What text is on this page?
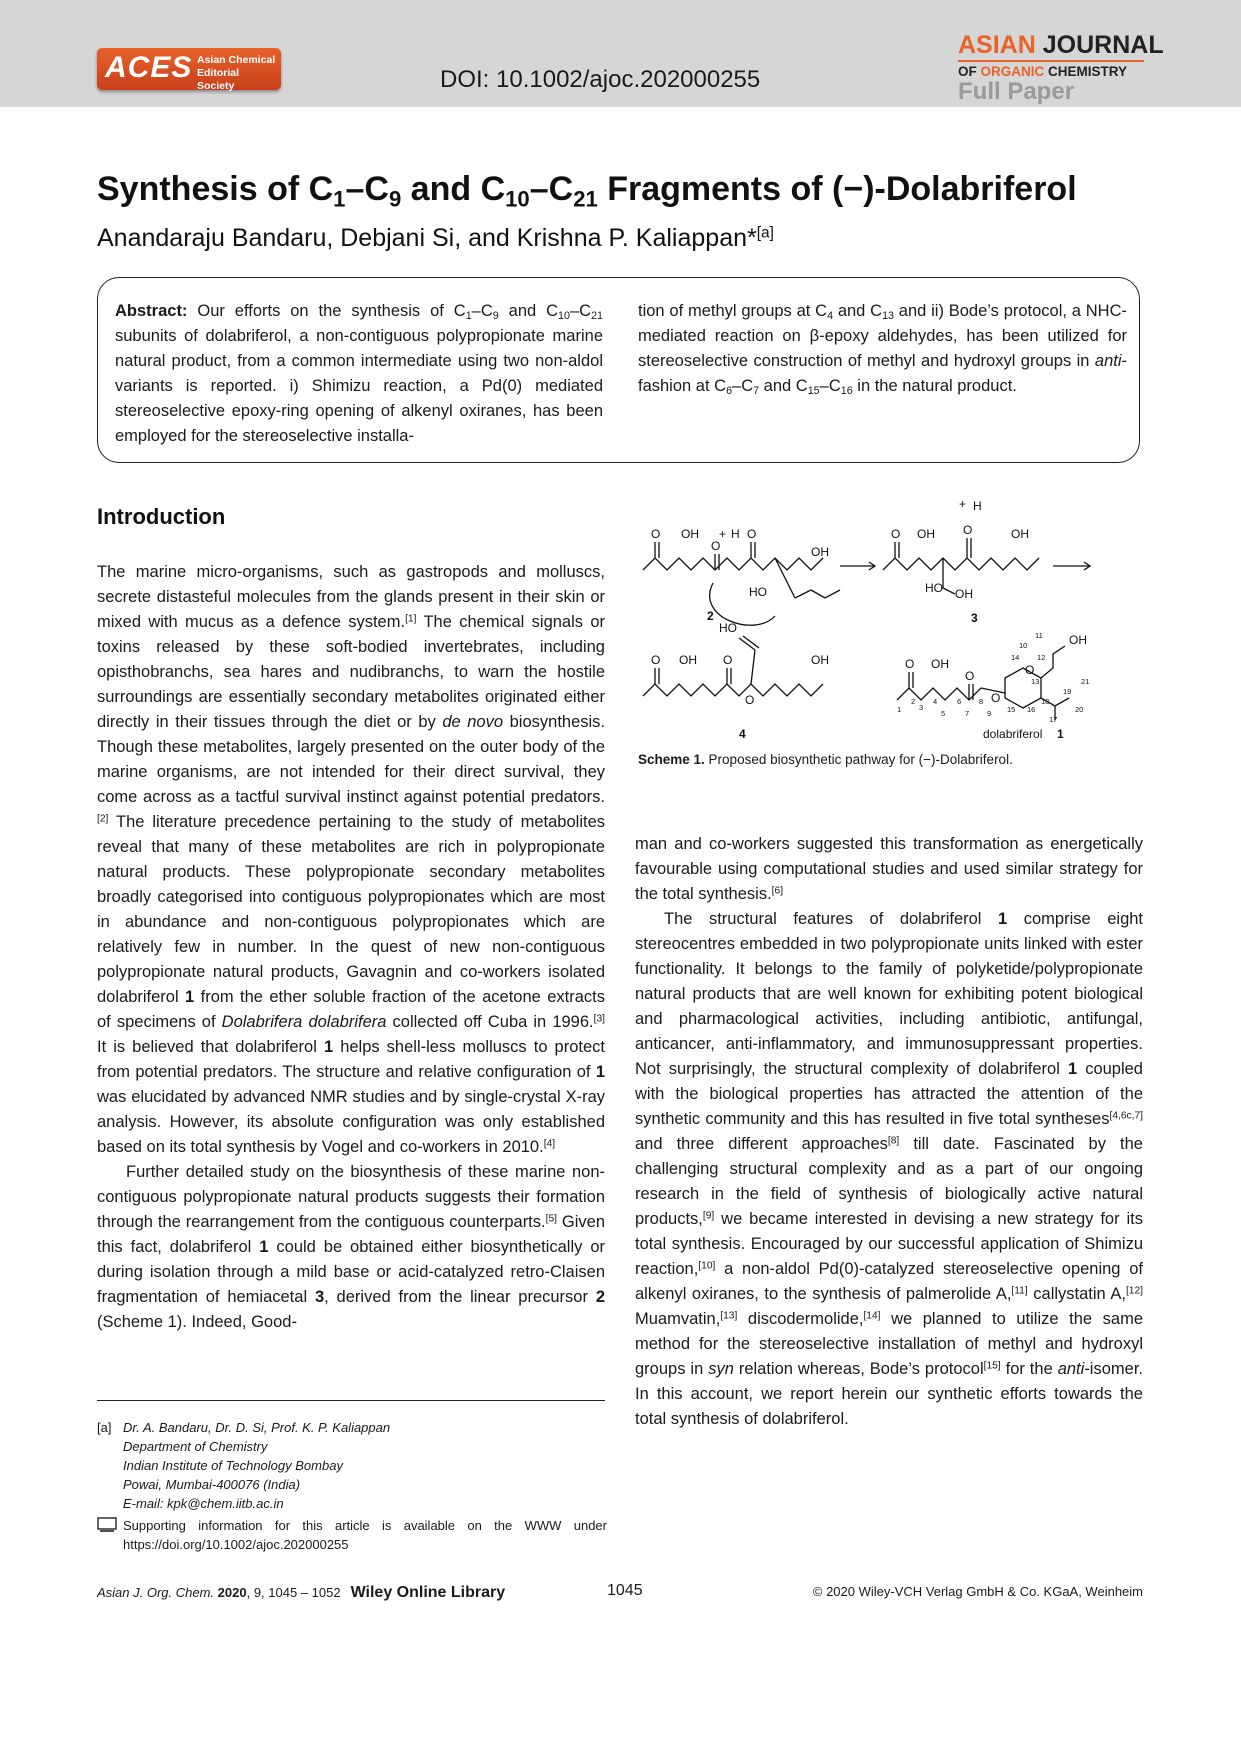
ACES Asian Chemical Editorial Society	DOI: 10.1002/ajoc.202000255
ASIAN JOURNAL
OF ORGANIC CHEMISTRY
Full Paper
Synthesis of $C_1-C_9$ and $C_{10}-C_{21}$ Fragments of (−)-Dolabriferol
Anandaraju Bandaru, Debjani Si, and Krishna P. Kaliappan*[a]
Abstract: Our efforts on the synthesis of $C_1-C_9$ and $C_{10}-C_{21}$ subunits of dolabriferol, a non-contiguous polypropionate marine natural product, from a common intermediate using two non-aldol variants is reported. i) Shimizu reaction, a Pd(0) mediated stereoselective epoxy-ring opening of alkenyl oxiranes, has been employed for the stereoselective installa-
tion of methyl groups at $C_4$ and $C_{13}$ and ii) Bode’s protocol, a NHC-mediated reaction on β-epoxy aldehydes, has been utilized for stereoselective construction of methyl and hydroxyl groups in anti-fashion at $C_6-C_7$ and $C_{15}-C_{16}$ in the natural product.
Introduction

The marine micro-organisms, such as gastropods and molluscs, secrete distasteful molecules from the glands present in their skin or mixed with mucus as a defence system.[1] The chemical signals or toxins released by these soft-bodied invertebrates, including opisthobranchs, sea hares and nudibranchs, to warn the hostile surroundings are essentially secondary metabolites originated either directly in their tissues through the diet or by de novo biosynthesis. Though these metabolites, largely presented on the outer body of the marine organisms, are not intended for their direct survival, they come across as a tactful survival instinct against potential predators.[2] The literature precedence pertaining to the study of metabolites reveal that many of these metabolites are rich in polypropionate natural products. These polypropionate secondary metabolites broadly categorised into contiguous polypropionates which are most in abundance and non-contiguous polypropionates which are relatively few in number. In the quest of new non-contiguous polypropionate natural products, Gavagnin and co-workers isolated dolabriferol 1 from the ether soluble fraction of the acetone extracts of specimens of Dolabrifera dolabrifera collected off Cuba in 1996.[3] It is believed that dolabriferol 1 helps shell-less molluscs to protect from potential predators. The structure and relative configuration of 1 was elucidated by advanced NMR studies and by single-crystal X-ray analysis. However, its absolute configuration was only established based on its total synthesis by Vogel and co-workers in 2010.[4]

Further detailed study on the biosynthesis of these marine non-contiguous polypropionate natural products suggests their formation through the rearrangement from the contiguous counterparts.[5] Given this fact, dolabriferol 1 could be obtained either biosynthetically or during isolation through a mild base or acid-catalyzed retro-Claisen fragmentation of hemiacetal 3, derived from the linear precursor 2 (Scheme 1). Indeed, Good-

man and co-workers suggested this transformation as energetically favourable using computational studies and used similar strategy for the total synthesis.[6]

The structural features of dolabriferol 1 comprise eight stereocentres embedded in two polypropionate units linked with ester functionality. It belongs to the family of polyketide/polypropionate natural products that are well known for exhibiting potent biological and pharmacological activities, including antibiotic, antifungal, anticancer, anti-inflammatory, and immunosuppressant properties. Not surprisingly, the structural complexity of dolabriferol 1 coupled with the biological properties has attracted the attention of the synthetic community and this has resulted in five total syntheses[4,6c,7] and three different approaches[8] till date. Fascinated by the challenging structural complexity and as a part of our ongoing research in the field of synthesis of biologically active natural products,[9] we became interested in devising a new strategy for its total synthesis. Encouraged by our successful application of Shimizu reaction,[10] a non-aldol Pd(0)-catalyzed stereoselective opening of alkenyl oxiranes, to the synthesis of palmerolide A,[11] callystatin A,[12] Muamvatin,[13] discodermolide,[14] we planned to utilize the same method for the stereoselective installation of methyl and hydroxyl groups in syn relation whereas, Bode’s protocol[15] for the anti-isomer. In this account, we report herein our synthetic efforts towards the total synthesis of dolabriferol.

O OH
O
+ H O
OH
HO
2
O OH O
+ H
OH
HO OH
3
O OH O
HO
OH
O
4
O OH
O
O
O
OH
dolabriferol 1
1
2
3
4
5
6
7
8
9
10
11
12
13
14
15 16
17
18
19
20
21
Scheme 1. Proposed biosynthetic pathway for (−)-Dolabriferol.
[a] Dr. A. Bandaru, Dr. D. Si, Prof. K. P. Kaliappan
Department of Chemistry
Indian Institute of Technology Bombay
Powai, Mumbai-400076 (India)
E-mail: kpk@chem.iitb.ac.in
Supporting information for this article is available on the WWW under https://doi.org/10.1002/ajoc.202000255
Asian J. Org. Chem. 2020, 9, 1045 – 1052 Wiley Online Library	1045	© 2020 Wiley-VCH Verlag GmbH & Co. KGaA, Weinheim
